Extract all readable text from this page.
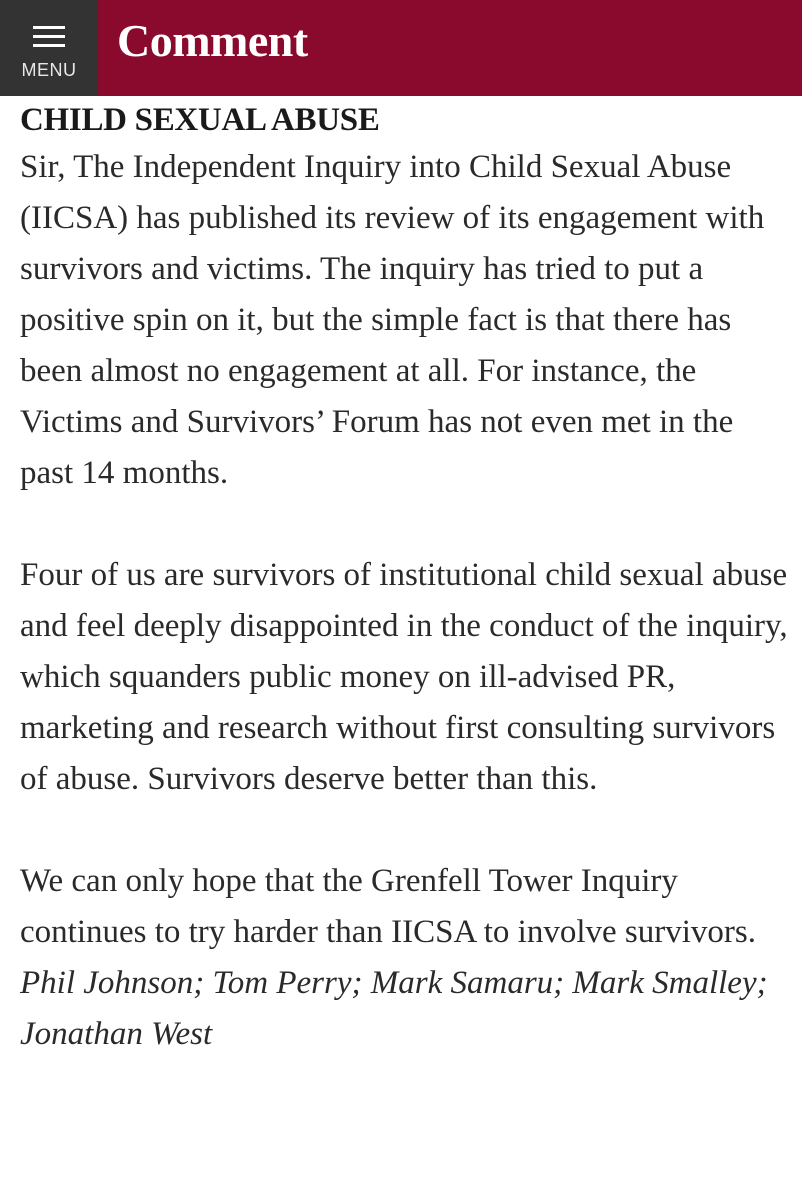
MENU
Comment
CHILD SEXUAL ABUSE

Sir, The Independent Inquiry into Child Sexual Abuse (IICSA) has published its review of its engagement with survivors and victims. The inquiry has tried to put a positive spin on it, but the simple fact is that there has been almost no engagement at all. For instance, the Victims and Survivors’ Forum has not even met in the past 14 months.

Four of us are survivors of institutional child sexual abuse and feel deeply disappointed in the conduct of the inquiry, which squanders public money on ill-advised PR, marketing and research without first consulting survivors of abuse. Survivors deserve better than this.

We can only hope that the Grenfell Tower Inquiry continues to try harder than IICSA to involve survivors.

Phil Johnson; Tom Perry; Mark Samaru; Mark Smalley; Jonathan West
